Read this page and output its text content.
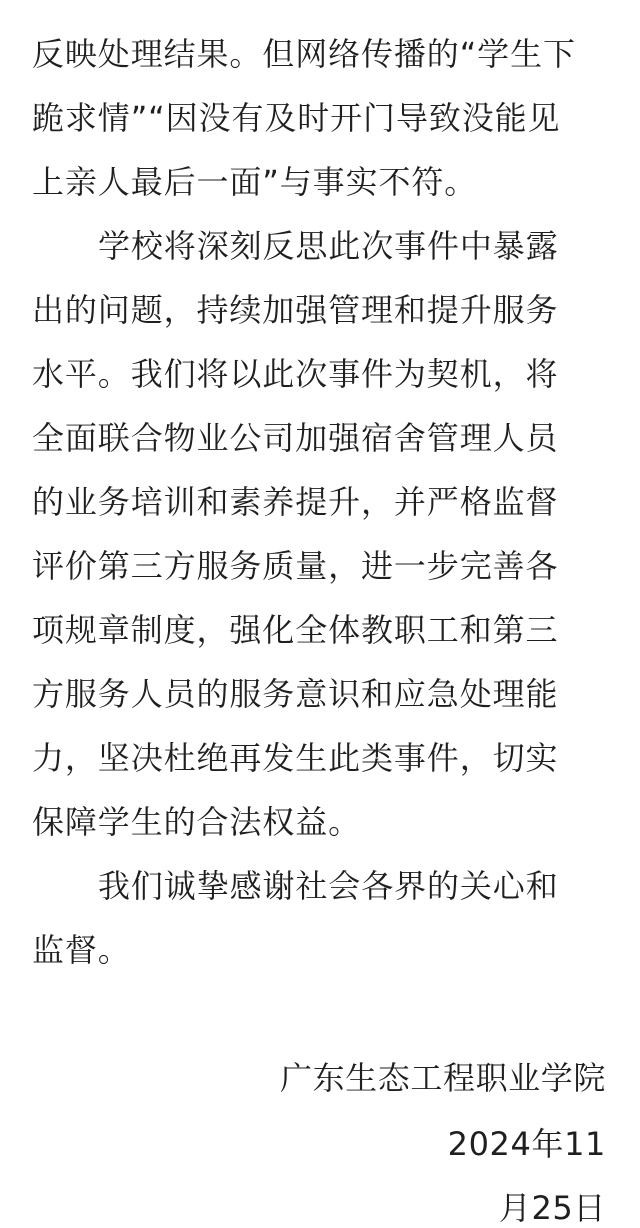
反映处理结果。但网络传播的“学生下
跪求情”“因没有及时开门导致没能见
上亲人最后一面”与事实不符。
学校将深刻反思此次事件中暴露
出的问题，持续加强管理和提升服务
水平。我们将以此次事件为契机，将
全面联合物业公司加强宿舍管理人员
的业务培训和素养提升，并严格监督
评价第三方服务质量，进一步完善各
项规章制度，强化全体教职工和第三
方服务人员的服务意识和应急处理能
力，坚决杜绝再发生此类事件，切实
保障学生的合法权益。
我们诚挚感谢社会各界的关心和
监督。
广东生态工程职业学院
2024年11
月25日
